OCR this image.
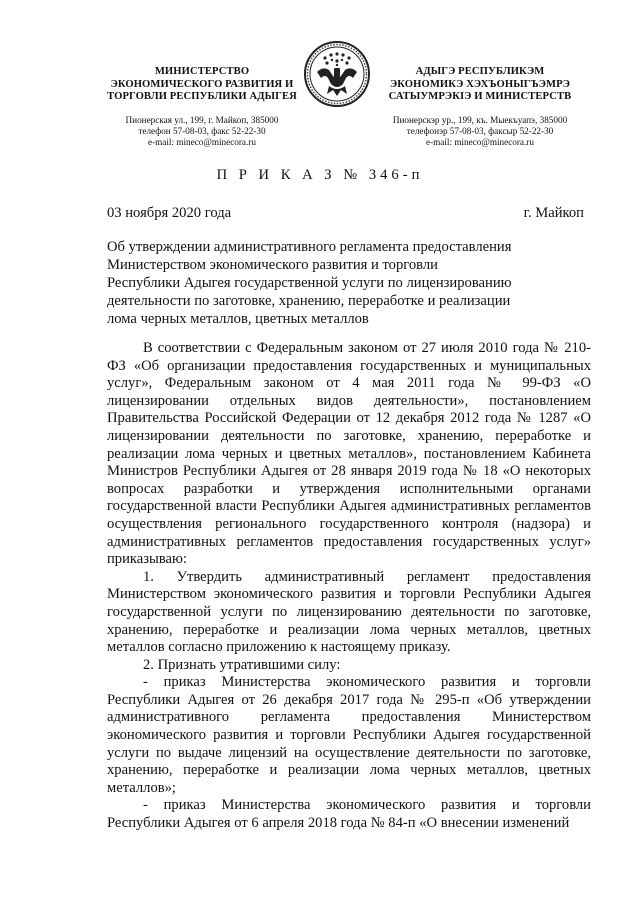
МИНИСТЕРСТВО
ЭКОНОМИЧЕСКОГО РАЗВИТИЯ И
ТОРГОВЛИ РЕСПУБЛИКИ АДЫГЕЯ
Пионерская ул., 199, г. Майкоп, 385000
телефон 57-08-03, факс 52-22-30
e-mail: mineco@minecora.ru
АДЫГЭ РЕСПУБЛИКЭМ
ЭКОНОМИКЭ ХЭХЪОНЫГЪЭМРЭ
САТЫУМРЭКIЭ И МИНИСТЕРСТВ
Пионерскэр ур., 199, къ. Мыекъуапэ, 385000
телефонэр 57-08-03, факсыр 52-22-30
e-mail: mineco@minecora.ru
П Р И К А З № 346-п
03 ноября 2020 года	г. Майкоп
Об утверждении административного регламента предоставления
Министерством экономического развития и торговли
Республики Адыгея государственной услуги по лицензированию
деятельности по заготовке, хранению, переработке и реализации
лома черных металлов, цветных металлов

В соответствии с Федеральным законом от 27 июля 2010 года № 210-ФЗ «Об организации предоставления государственных и муниципальных услуг», Федеральным законом от 4 мая 2011 года № 99-ФЗ «О лицензировании отдельных видов деятельности», постановлением Правительства Российской Федерации от 12 декабря 2012 года № 1287 «О лицензировании деятельности по заготовке, хранению, переработке и реализации лома черных и цветных металлов», постановлением Кабинета Министров Республики Адыгея от 28 января 2019 года № 18 «О некоторых вопросах разработки и утверждения исполнительными органами государственной власти Республики Адыгея административных регламентов осуществления регионального государственного контроля (надзора) и административных регламентов предоставления государственных услуг» приказываю:

1. Утвердить административный регламент предоставления Министерством экономического развития и торговли Республики Адыгея государственной услуги по лицензированию деятельности по заготовке, хранению, переработке и реализации лома черных металлов, цветных металлов согласно приложению к настоящему приказу.

2. Признать утратившими силу:

- приказ Министерства экономического развития и торговли Республики Адыгея от 26 декабря 2017 года № 295-п «Об утверждении административного регламента предоставления Министерством экономического развития и торговли Республики Адыгея государственной услуги по выдаче лицензий на осуществление деятельности по заготовке, хранению, переработке и реализации лома черных металлов, цветных металлов»;

- приказ Министерства экономического развития и торговли Республики Адыгея от 6 апреля 2018 года № 84-п «О внесении изменений
